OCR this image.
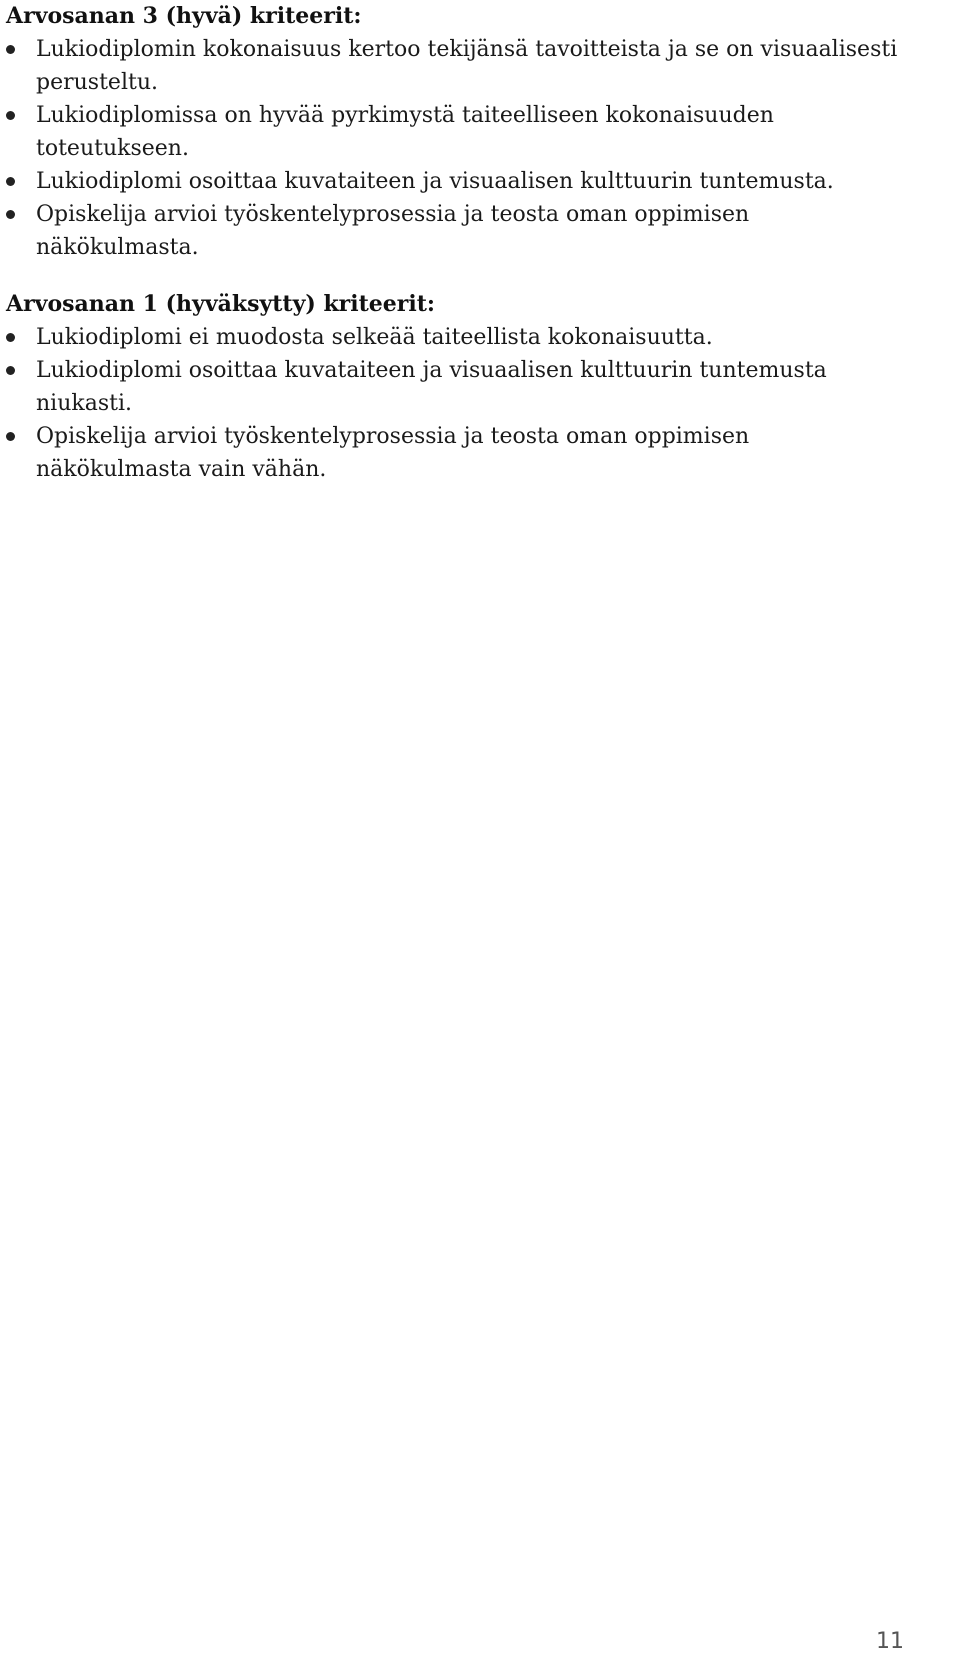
Arvosanan 3 (hyvä) kriteerit:
Lukiodiplomin kokonaisuus kertoo tekijänsä tavoitteista ja se on visuaalisesti perusteltu.
Lukiodiplomissa on hyvää pyrkimystä taiteelliseen kokonaisuuden toteutukseen.
Lukiodiplomi osoittaa kuvataiteen ja visuaalisen kulttuurin tuntemusta.
Opiskelija arvioi työskentelyprosessia ja teosta oman oppimisen näkökulmasta.
Arvosanan 1 (hyväksytty) kriteerit:
Lukiodiplomi ei muodosta selkeää taiteellista kokonaisuutta.
Lukiodiplomi osoittaa kuvataiteen ja visuaalisen kulttuurin tuntemusta niukasti.
Opiskelija arvioi työskentelyprosessia ja teosta oman oppimisen näkökulmasta vain vähän.
11
